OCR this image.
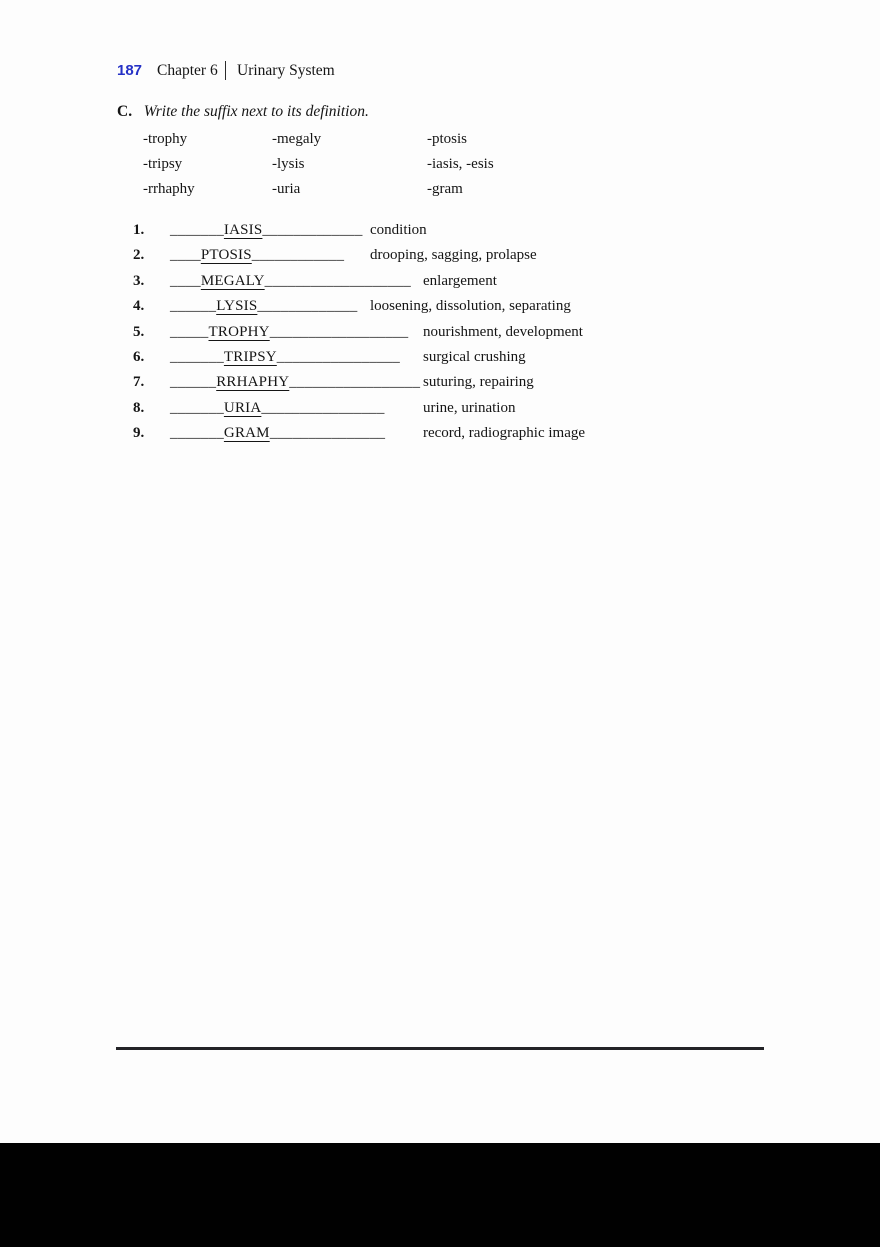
187 Chapter 6 Urinary System
C. Write the suffix next to its definition.
-trophy	-megaly	-ptosis
-tripsy	-lysis	-iasis, -esis
-rrhaphy	-uria	-gram
1. _______IASIS_____________ condition
2. ____PTOSIS____________ drooping, sagging, prolapse
3. ____MEGALY___________________ enlargement
4. ______LYSIS_____________ loosening, dissolution, separating
5. _____TROPHY__________________ nourishment, development
6. _______TRIPSY________________ surgical crushing
7. ______RRHAPHY_________________ suturing, repairing
8. _______URIA________________	urine, urination
9. _______GRAM_______________	record, radiographic image
